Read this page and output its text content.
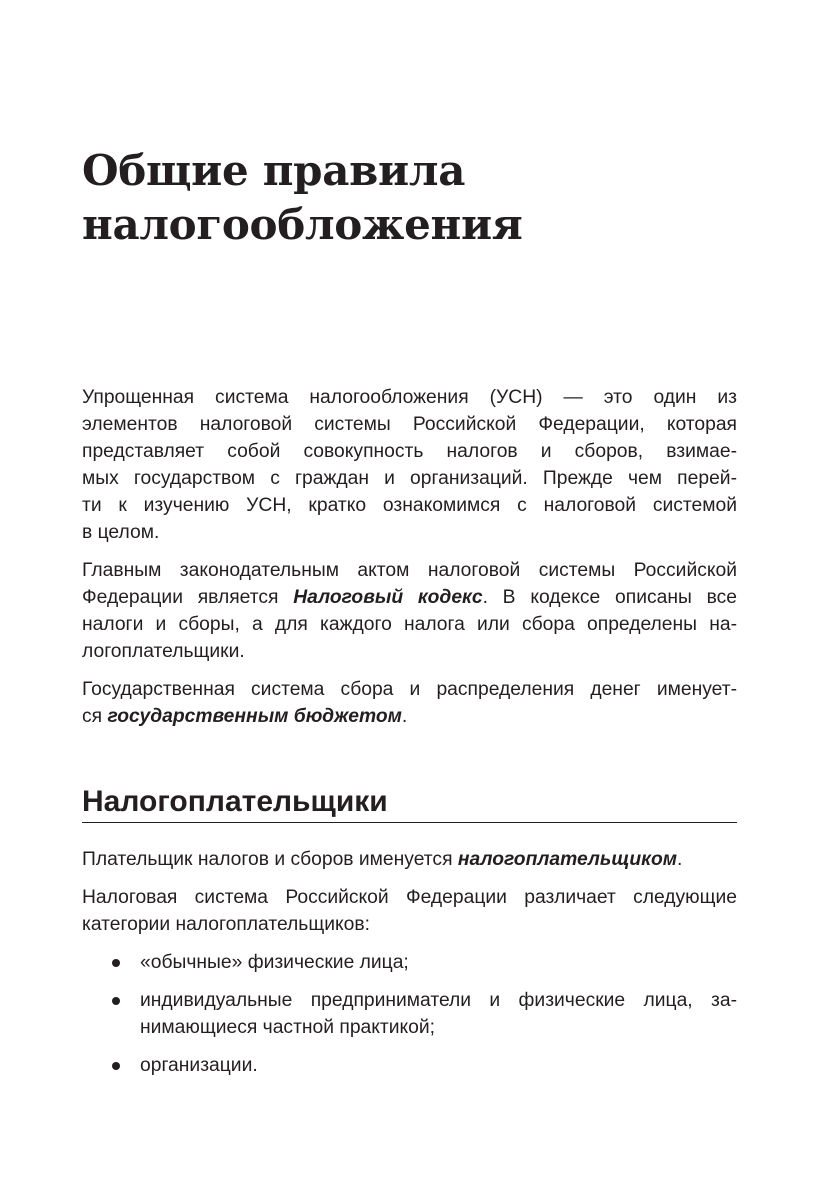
Общие правила
налогообложения

Упрощенная система налогообложения (УСН) — это один из
элементов налоговой системы Российской Федерации, которая
представляет собой совокупность налогов и сборов, взимае-
мых государством с граждан и организаций. Прежде чем перей-
ти к изучению УСН, кратко ознакомимся с налоговой системой
в целом.

Главным законодательным актом налоговой системы Российской
Федерации является Налоговый кодекс. В кодексе описаны все
налоги и сборы, а для каждого налога или сбора определены на-
логоплательщики.

Государственная система сбора и распределения денег именует-
ся государственным бюджетом.

Налогоплательщики

Плательщик налогов и сборов именуется налогоплательщиком.

Налоговая система Российской Федерации различает следующие
категории налогоплательщиков:

«обычные» физические лица;
индивидуальные предприниматели и физические лица, за-
нимающиеся частной практикой;
организации.
